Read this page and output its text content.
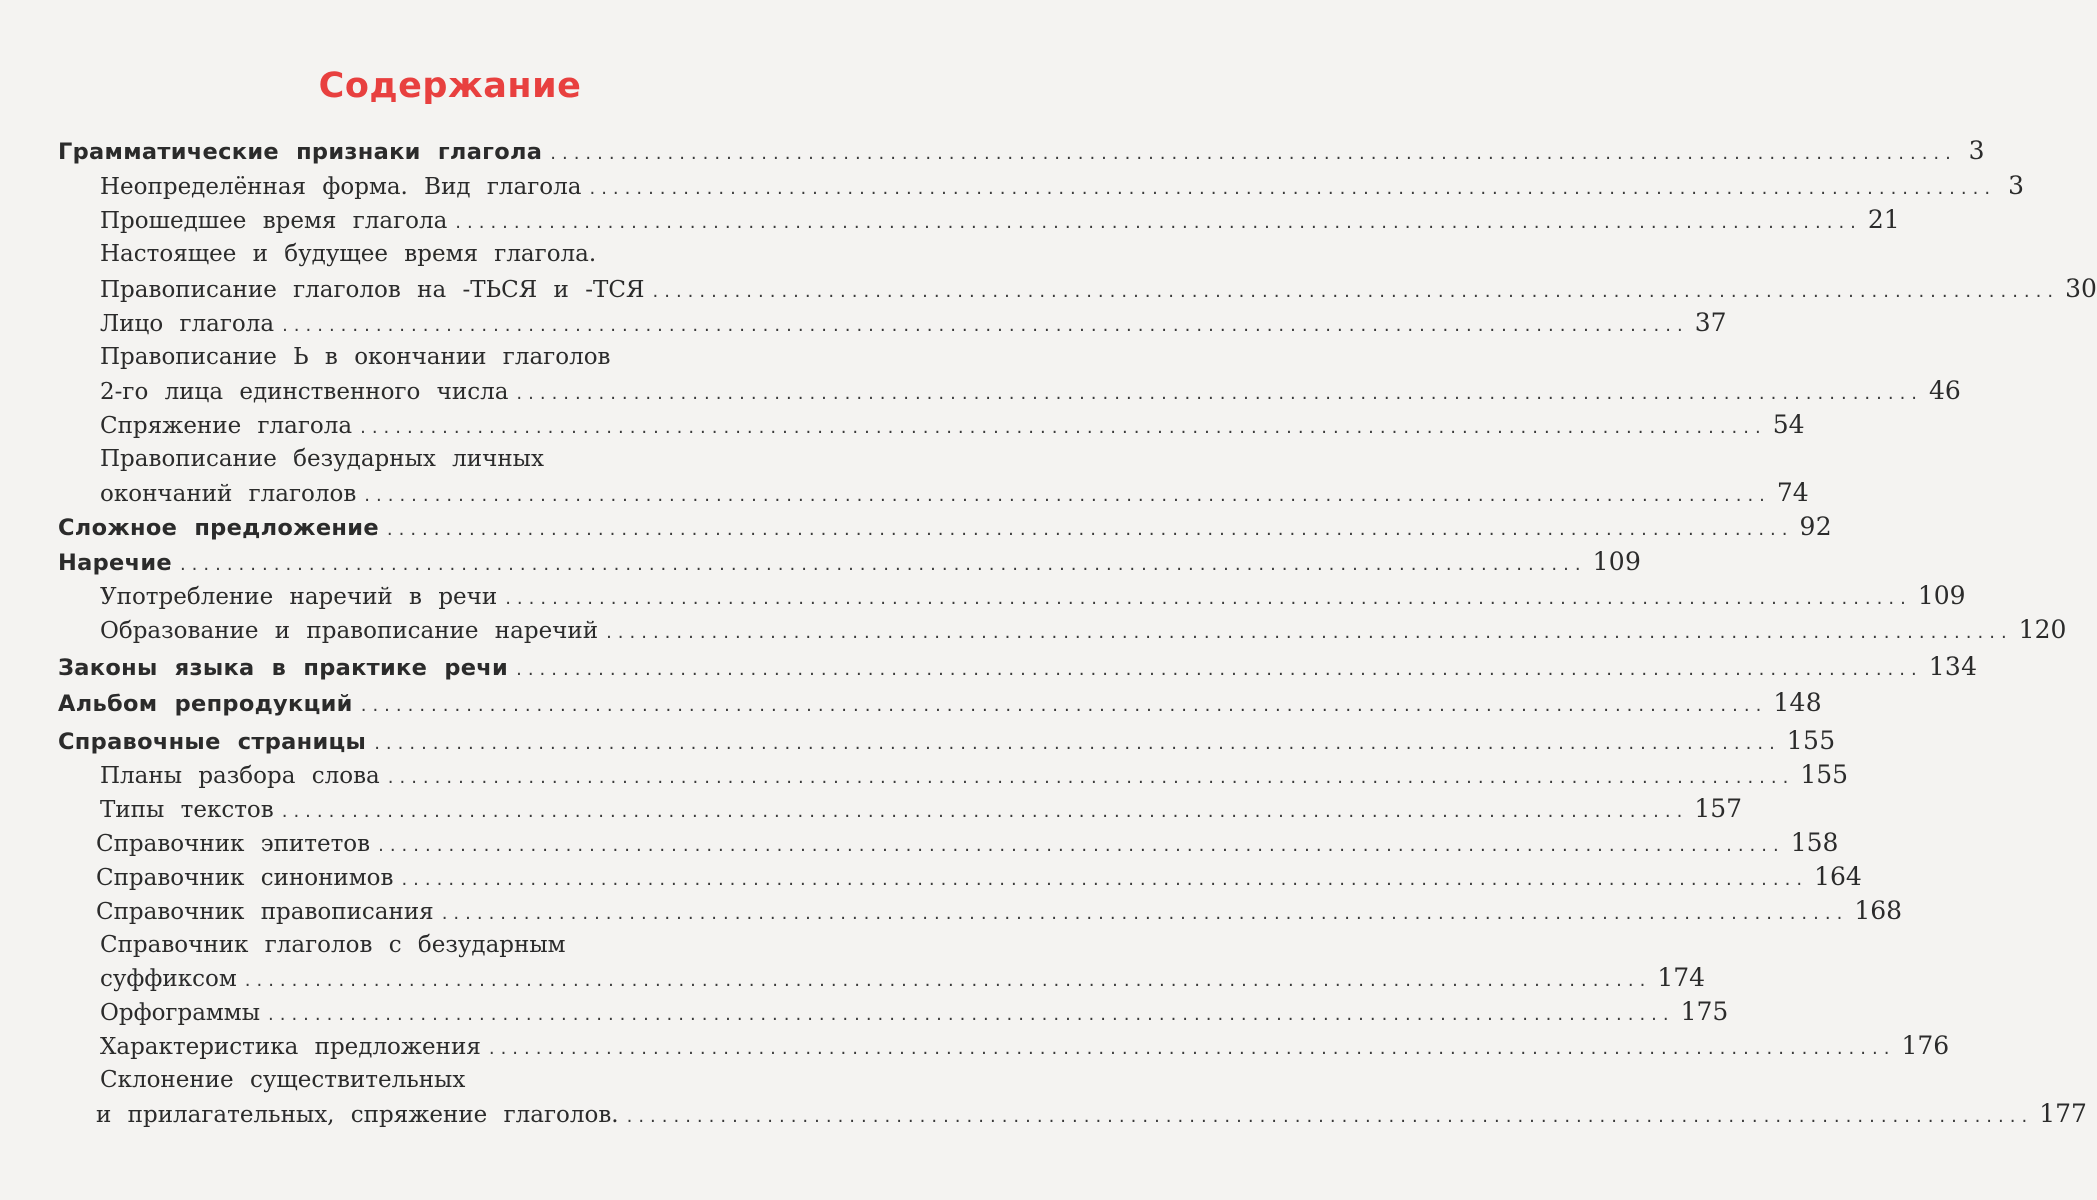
Содержание
Грамматические признаки глагола ........................................................................................................................ 3
Неопределённая форма. Вид глагола ........................................................................................................................ 3
Прошедшее время глагола ........................................................................................................................ 21
Настоящее и будущее время глагола.
Правописание глаголов на -ТЬСЯ и -ТСЯ ........................................................................................................................ 30
Лицо глагола ........................................................................................................................ 37
Правописание Ь в окончании глаголов
2-го лица единственного числа ........................................................................................................................ 46
Спряжение глагола ........................................................................................................................ 54
Правописание безударных личных
окончаний глаголов ........................................................................................................................ 74
Сложное предложение ........................................................................................................................ 92
Наречие ........................................................................................................................ 109
Употребление наречий в речи ........................................................................................................................ 109
Образование и правописание наречий ........................................................................................................................ 120
Законы языка в практике речи ........................................................................................................................ 134
Альбом репродукций ........................................................................................................................ 148
Справочные страницы ........................................................................................................................ 155
Планы разбора слова ........................................................................................................................ 155
Типы текстов ........................................................................................................................ 157
Справочник эпитетов ........................................................................................................................ 158
Справочник синонимов ........................................................................................................................ 164
Справочник правописания ........................................................................................................................ 168
Справочник глаголов с безударным
суффиксом ........................................................................................................................ 174
Орфограммы ........................................................................................................................ 175
Характеристика предложения ........................................................................................................................ 176
Склонение существительных
и прилагательных, спряжение глаголов. ........................................................................................................................ 177
